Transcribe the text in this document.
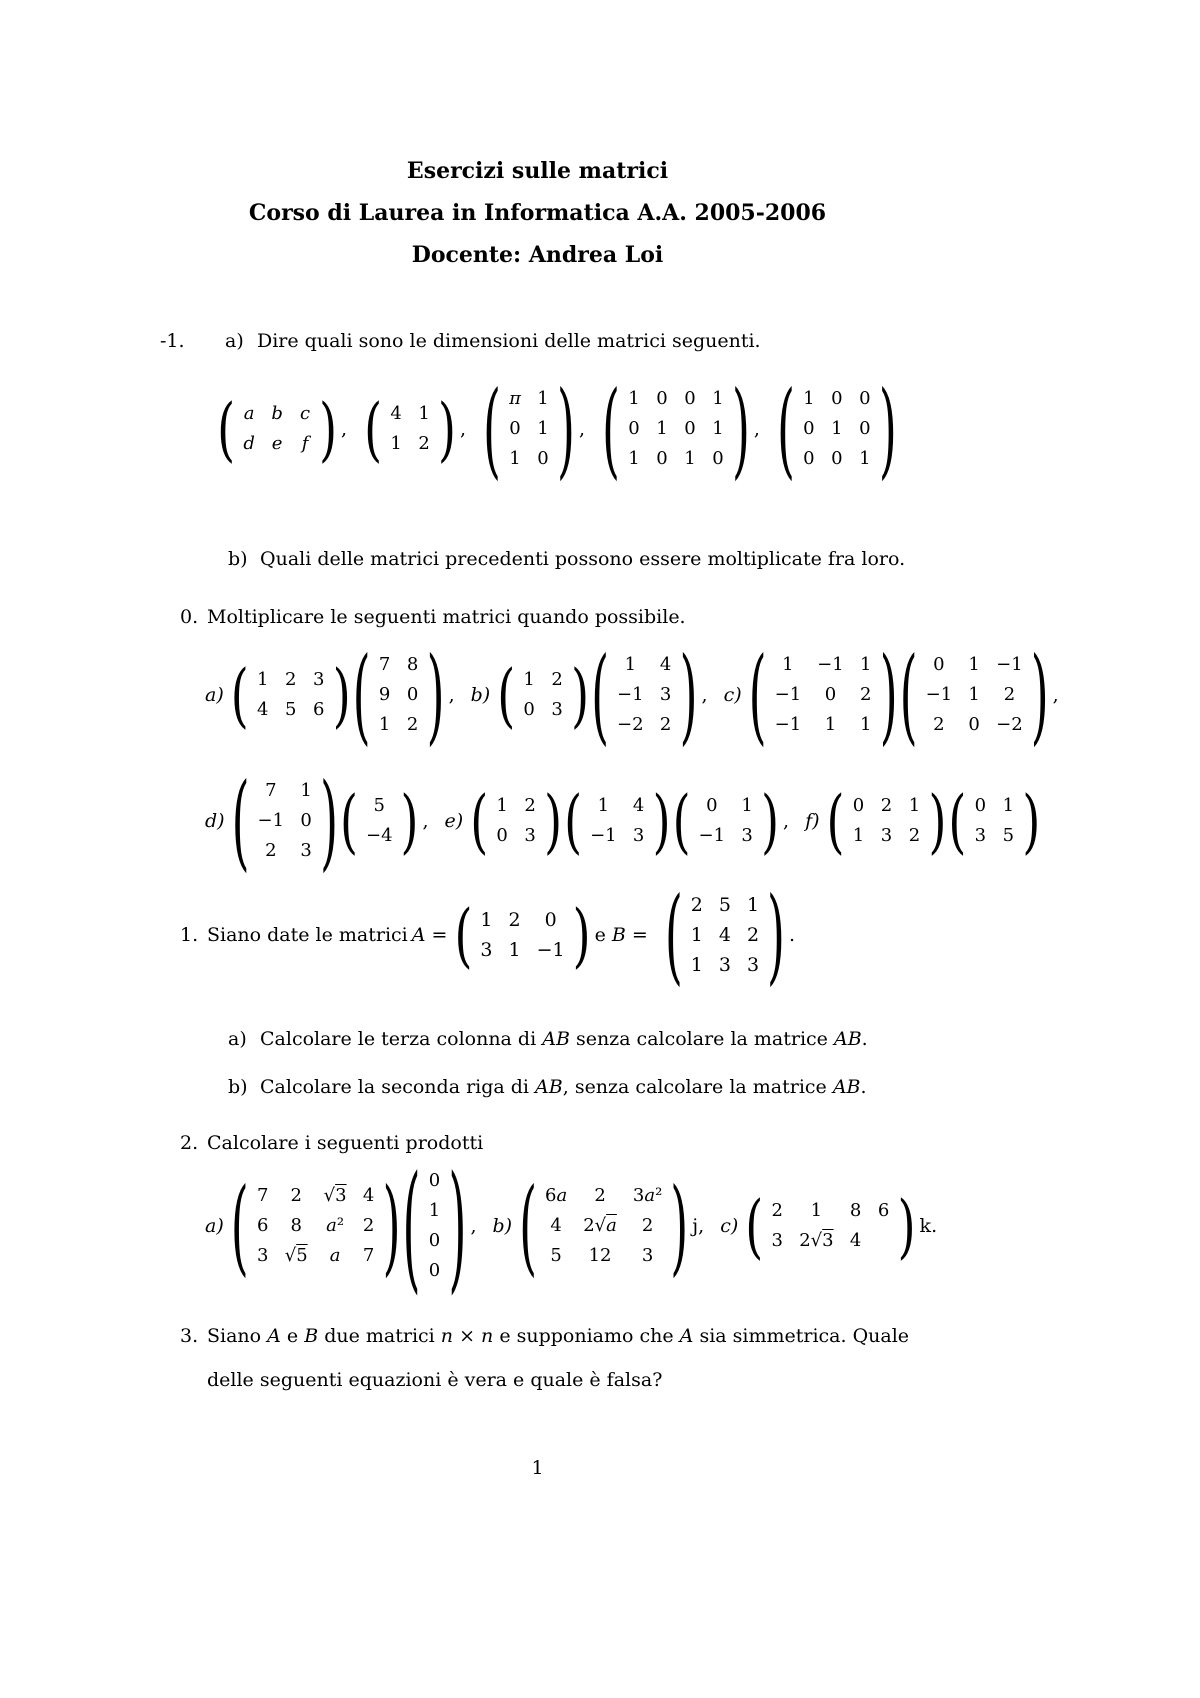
Esercizi sulle matrici
Corso di Laurea in Informatica A.A. 2005-2006
Docente: Andrea Loi
-1.	a) Dire quali sono le dimensioni delle matrici seguenti.
( a	b	c
d	e	f ) , ( 4	1
1	2 ) , ( π	1
0	1
1	0 ) , ( 1	0	0	1
0	1	0	1
1	0	1	0 ) , ( 1	0	0
0	1	0
0	0	1 )
b) Quali delle matrici precedenti possono essere moltiplicate fra loro.
0. Moltiplicare le seguenti matrici quando possibile.
a) ( 1	2	3
4	5	6 ) ( 7	8
9	0
1	2 ) , b) ( 1	2
0	3 ) ( 1	4
−1	3
−2	2 ) , c) ( 1	−1	1
−1	0	2
−1	1	1 ) ( 0	1	−1
−1	1	2
2	0	−2 ) ,
d) ( 7	1
−1	0
2	3 ) ( 5
−4 ) , e) ( 1	2
0	3 ) ( 1	4
−1	3 ) ( 0	1
−1	3 ) , f) ( 0	2	1
1	3	2 ) ( 0	1
3	5 )
1. Siano date le matrici A = ( 1	2	0
3	1	−1 ) e B = ( 2	5	1
1	4	2
1	3	3 ) .
a) Calcolare le terza colonna di AB senza calcolare la matrice AB.
b) Calcolare la seconda riga di AB, senza calcolare la matrice AB.
2. Calcolare i seguenti prodotti
a) ( 7	2	√3	4
6	8	a²	2
3	√5	a	7 ) ( 0
1
0
0 ) , b) ( 6a	2	3a²
4	2√a	2
5	12	3 ) j, c) ( 2	1	8	6
3	2√3	4	) k.
3. Siano A e B due matrici n × n e supponiamo che A sia simmetrica. Quale delle seguenti equazioni è vera e quale è falsa?
1
